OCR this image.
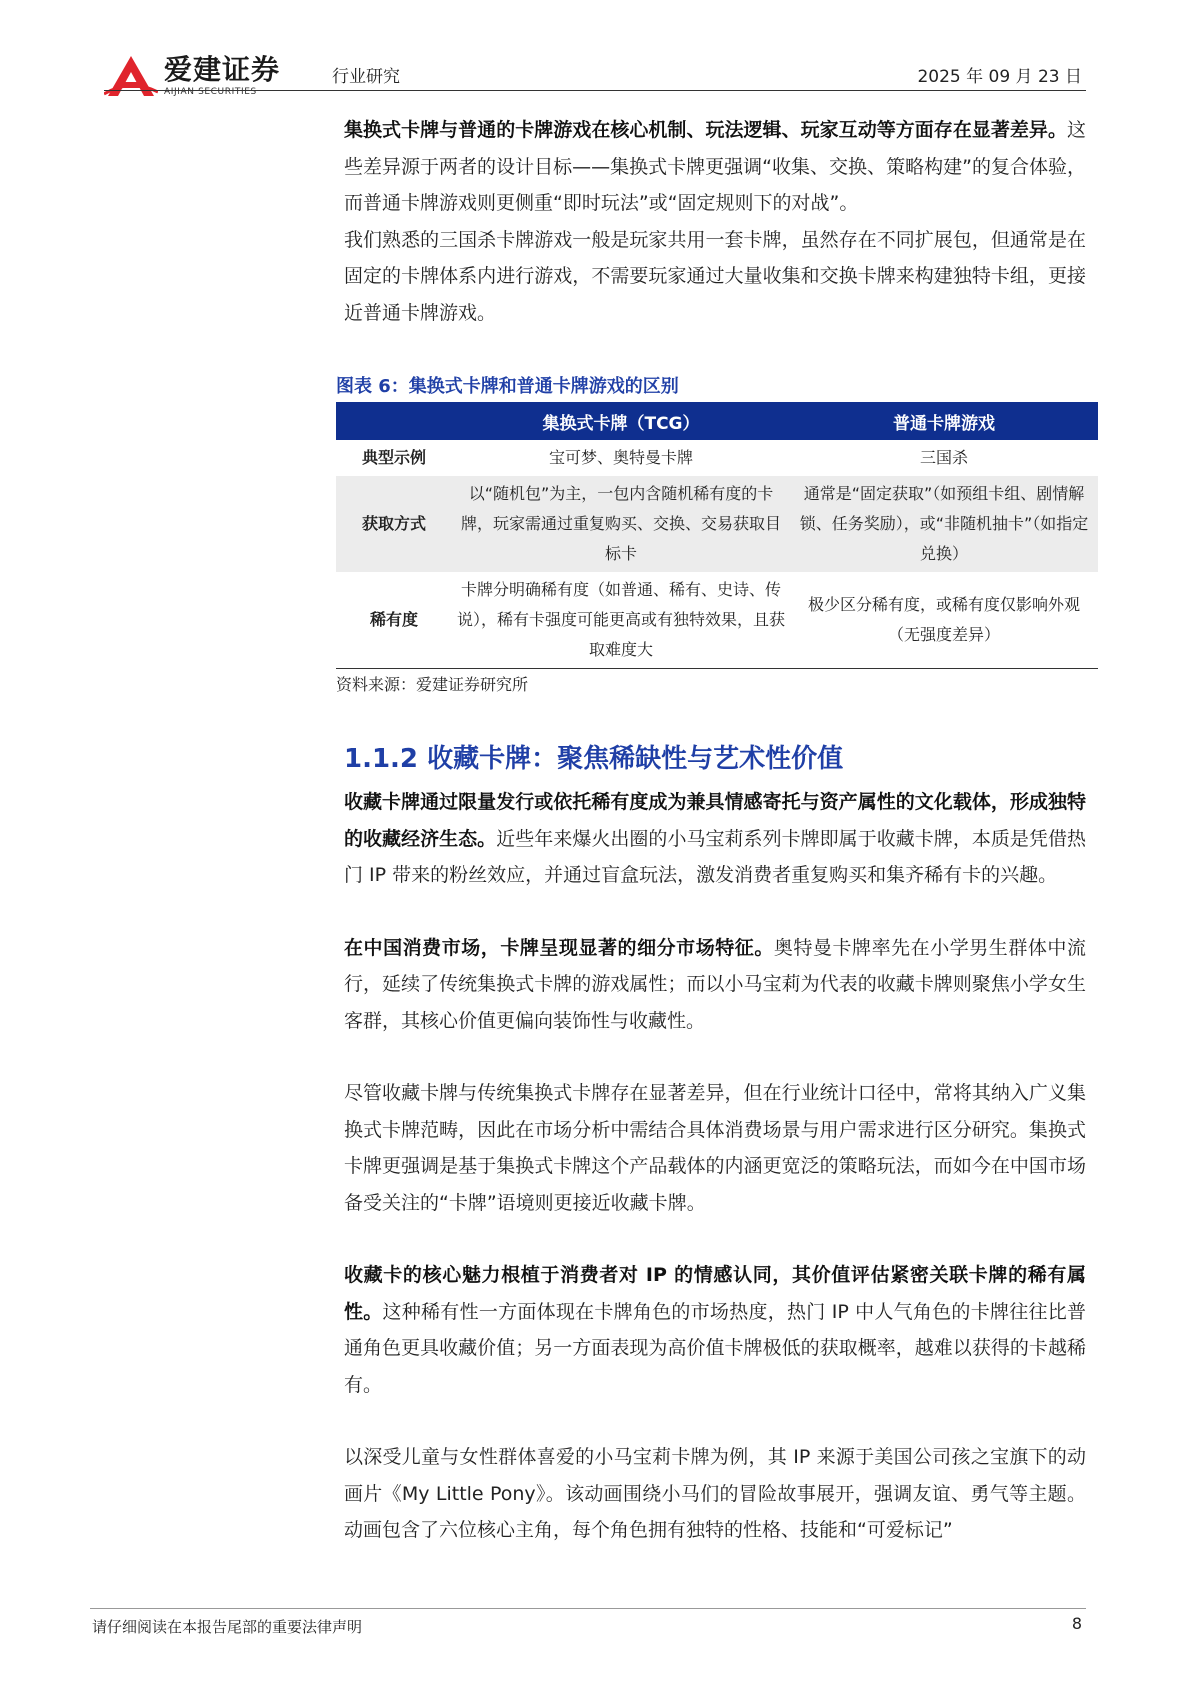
爱建证券
AIJIAN SECURITIES
行业研究	2025 年 09 月 23 日

集换式卡牌与普通的卡牌游戏在核心机制、玩法逻辑、玩家互动等方面存在显著差异。这些差异源于两者的设计目标——集换式卡牌更强调“收集、交换、策略构建”的复合体验，而普通卡牌游戏则更侧重“即时玩法”或“固定规则下的对战”。

我们熟悉的三国杀卡牌游戏一般是玩家共用一套卡牌，虽然存在不同扩展包，但通常是在固定的卡牌体系内进行游戏，不需要玩家通过大量收集和交换卡牌来构建独特卡组，更接近普通卡牌游戏。

图表 6：集换式卡牌和普通卡牌游戏的区别
	集换式卡牌（TCG）	普通卡牌游戏
典型示例	宝可梦、奥特曼卡牌	三国杀
获取方式	以“随机包”为主，一包内含随机稀有度的卡牌，玩家需通过重复购买、交换、交易获取目标卡	通常是“固定获取”（如预组卡组、剧情解锁、任务奖励），或“非随机抽卡”（如指定兑换）
稀有度	卡牌分明确稀有度（如普通、稀有、史诗、传说），稀有卡强度可能更高或有独特效果，且获取难度大	极少区分稀有度，或稀有度仅影响外观（无强度差异）
资料来源：爱建证券研究所
1.1.2 收藏卡牌：聚焦稀缺性与艺术性价值

收藏卡牌通过限量发行或依托稀有度成为兼具情感寄托与资产属性的文化载体，形成独特的收藏经济生态。近些年来爆火出圈的小马宝莉系列卡牌即属于收藏卡牌，本质是凭借热门 IP 带来的粉丝效应，并通过盲盒玩法，激发消费者重复购买和集齐稀有卡的兴趣。

在中国消费市场，卡牌呈现显著的细分市场特征。奥特曼卡牌率先在小学男生群体中流行，延续了传统集换式卡牌的游戏属性；而以小马宝莉为代表的收藏卡牌则聚焦小学女生客群，其核心价值更偏向装饰性与收藏性。

尽管收藏卡牌与传统集换式卡牌存在显著差异，但在行业统计口径中，常将其纳入广义集换式卡牌范畴，因此在市场分析中需结合具体消费场景与用户需求进行区分研究。集换式卡牌更强调是基于集换式卡牌这个产品载体的内涵更宽泛的策略玩法，而如今在中国市场备受关注的“卡牌”语境则更接近收藏卡牌。

收藏卡的核心魅力根植于消费者对 IP 的情感认同，其价值评估紧密关联卡牌的稀有属性。这种稀有性一方面体现在卡牌角色的市场热度，热门 IP 中人气角色的卡牌往往比普通角色更具收藏价值；另一方面表现为高价值卡牌极低的获取概率，越难以获得的卡越稀有。

以深受儿童与女性群体喜爱的小马宝莉卡牌为例，其 IP 来源于美国公司孩之宝旗下的动画片《My Little Pony》。该动画围绕小马们的冒险故事展开，强调友谊、勇气等主题。动画包含了六位核心主角，每个角色拥有独特的性格、技能和“可爱标记”

请仔细阅读在本报告尾部的重要法律声明	8
